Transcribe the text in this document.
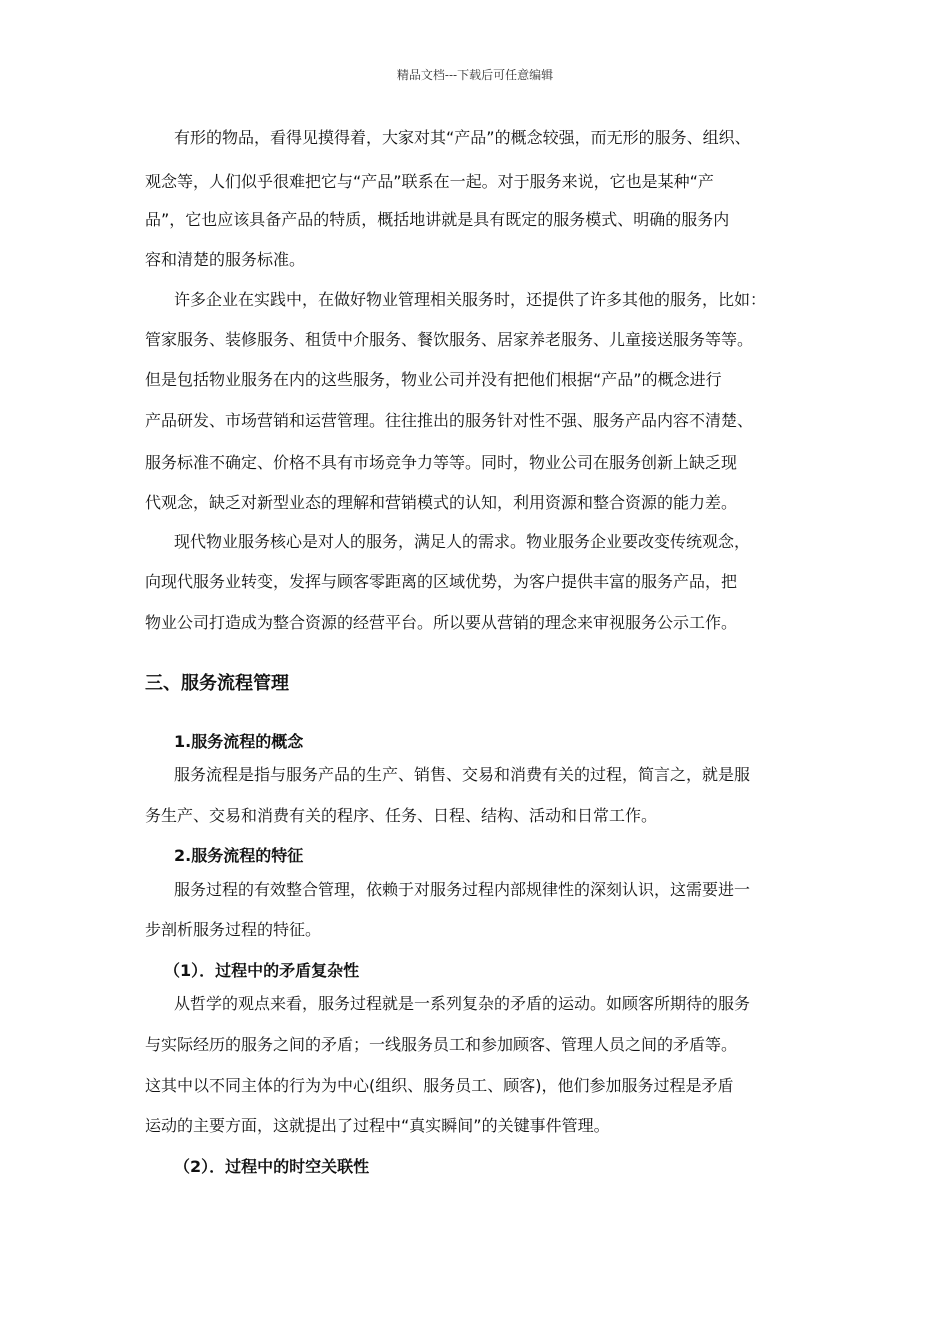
精品文档---下载后可任意编辑
有形的物品，看得见摸得着，大家对其“产品”的概念较强，而无形的服务、组织、
观念等，人们似乎很难把它与“产品”联系在一起。对于服务来说，它也是某种“产
品”，它也应该具备产品的特质，概括地讲就是具有既定的服务模式、明确的服务内
容和清楚的服务标准。
许多企业在实践中，在做好物业管理相关服务时，还提供了许多其他的服务，比如：
管家服务、装修服务、租赁中介服务、餐饮服务、居家养老服务、儿童接送服务等等。
但是包括物业服务在内的这些服务，物业公司并没有把他们根据“产品”的概念进行
产品研发、市场营销和运营管理。往往推出的服务针对性不强、服务产品内容不清楚、
服务标准不确定、价格不具有市场竞争力等等。同时，物业公司在服务创新上缺乏现
代观念，缺乏对新型业态的理解和营销模式的认知，利用资源和整合资源的能力差。
现代物业服务核心是对人的服务，满足人的需求。物业服务企业要改变传统观念，
向现代服务业转变，发挥与顾客零距离的区域优势，为客户提供丰富的服务产品，把
物业公司打造成为整合资源的经营平台。所以要从营销的理念来审视服务公示工作。
三、服务流程管理
1.服务流程的概念
服务流程是指与服务产品的生产、销售、交易和消费有关的过程，简言之，就是服
务生产、交易和消费有关的程序、任务、日程、结构、活动和日常工作。
2.服务流程的特征
服务过程的有效整合管理，依赖于对服务过程内部规律性的深刻认识，这需要进一
步剖析服务过程的特征。
（1）．过程中的矛盾复杂性
从哲学的观点来看，服务过程就是一系列复杂的矛盾的运动。如顾客所期待的服务
与实际经历的服务之间的矛盾；一线服务员工和参加顾客、管理人员之间的矛盾等。
这其中以不同主体的行为为中心(组织、服务员工、顾客)，他们参加服务过程是矛盾
运动的主要方面，这就提出了过程中“真实瞬间”的关键事件管理。
（2）．过程中的时空关联性
